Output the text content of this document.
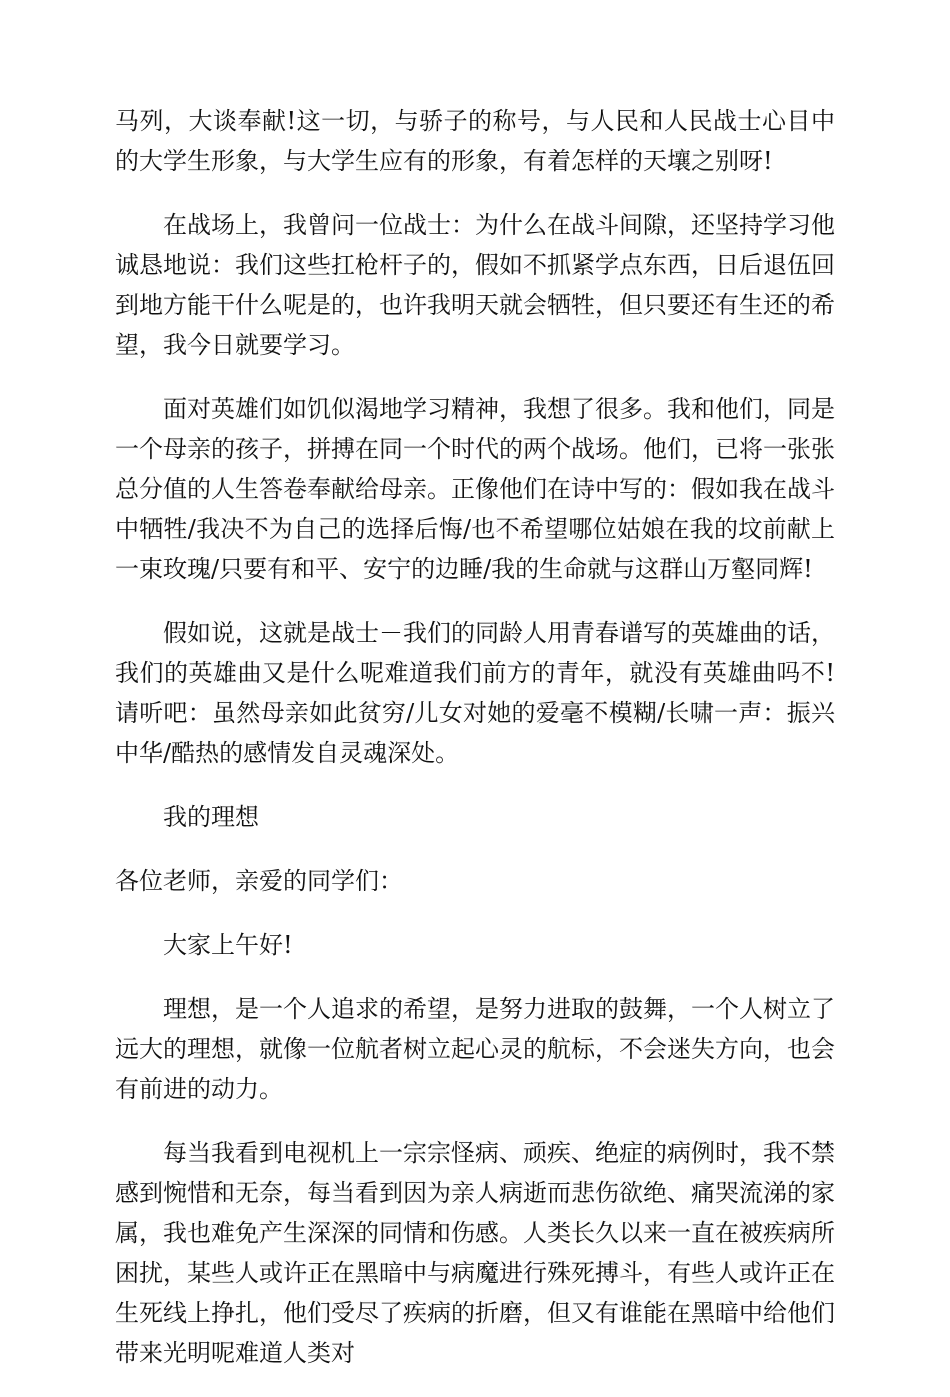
马列，大谈奉献!这一切，与骄子的称号，与人民和人民战士心目中的大学生形象，与大学生应有的形象，有着怎样的天壤之别呀!

在战场上，我曾问一位战士：为什么在战斗间隙，还坚持学习他诚恳地说：我们这些扛枪杆子的，假如不抓紧学点东西，日后退伍回到地方能干什么呢是的，也许我明天就会牺牲，但只要还有生还的希望，我今日就要学习。

面对英雄们如饥似渴地学习精神，我想了很多。我和他们，同是一个母亲的孩子，拼搏在同一个时代的两个战场。他们，已将一张张总分值的人生答卷奉献给母亲。正像他们在诗中写的：假如我在战斗中牺牲/我决不为自己的选择后悔/也不希望哪位姑娘在我的坟前献上一束玫瑰/只要有和平、安宁的边睡/我的生命就与这群山万壑同辉!

假如说，这就是战士－我们的同龄人用青春谱写的英雄曲的话，我们的英雄曲又是什么呢难道我们前方的青年，就没有英雄曲吗不!请听吧：虽然母亲如此贫穷/儿女对她的爱毫不模糊/长啸一声：振兴中华/酷热的感情发自灵魂深处。

我的理想

各位老师，亲爱的同学们：

大家上午好!

理想，是一个人追求的希望，是努力进取的鼓舞，一个人树立了远大的理想，就像一位航者树立起心灵的航标，不会迷失方向，也会有前进的动力。

每当我看到电视机上一宗宗怪病、顽疾、绝症的病例时，我不禁感到惋惜和无奈，每当看到因为亲人病逝而悲伤欲绝、痛哭流涕的家属，我也难免产生深深的同情和伤感。人类长久以来一直在被疾病所困扰，某些人或许正在黑暗中与病魔进行殊死搏斗，有些人或许正在生死线上挣扎，他们受尽了疾病的折磨，但又有谁能在黑暗中给他们带来光明呢难道人类对
